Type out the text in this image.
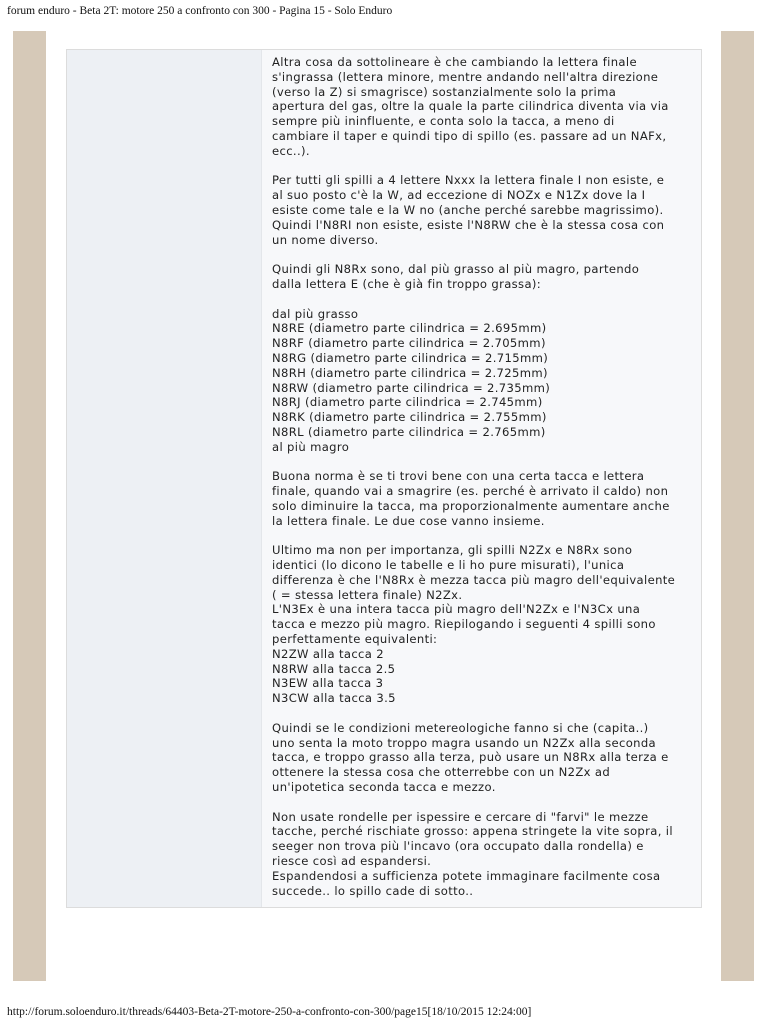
forum enduro - Beta 2T: motore 250 a confronto con 300 - Pagina 15 - Solo Enduro

Altra cosa da sottolineare è che cambiando la lettera finale
s'ingrassa (lettera minore, mentre andando nell'altra direzione
(verso la Z) si smagrisce) sostanzialmente solo la prima
apertura del gas, oltre la quale la parte cilindrica diventa via via
sempre più ininfluente, e conta solo la tacca, a meno di
cambiare il taper e quindi tipo di spillo (es. passare ad un NAFx,
ecc..).

Per tutti gli spilli a 4 lettere Nxxx la lettera finale I non esiste, e
al suo posto c'è la W, ad eccezione di NOZx e N1Zx dove la I
esiste come tale e la W no (anche perché sarebbe magrissimo).
Quindi l'N8RI non esiste, esiste l'N8RW che è la stessa cosa con
un nome diverso.

Quindi gli N8Rx sono, dal più grasso al più magro, partendo
dalla lettera E (che è già fin troppo grassa):

dal più grasso
N8RE (diametro parte cilindrica = 2.695mm)
N8RF (diametro parte cilindrica = 2.705mm)
N8RG (diametro parte cilindrica = 2.715mm)
N8RH (diametro parte cilindrica = 2.725mm)
N8RW (diametro parte cilindrica = 2.735mm)
N8RJ (diametro parte cilindrica = 2.745mm)
N8RK (diametro parte cilindrica = 2.755mm)
N8RL (diametro parte cilindrica = 2.765mm)
al più magro

Buona norma è se ti trovi bene con una certa tacca e lettera
finale, quando vai a smagrire (es. perché è arrivato il caldo) non
solo diminuire la tacca, ma proporzionalmente aumentare anche
la lettera finale. Le due cose vanno insieme.

Ultimo ma non per importanza, gli spilli N2Zx e N8Rx sono
identici (lo dicono le tabelle e li ho pure misurati), l'unica
differenza è che l'N8Rx è mezza tacca più magro dell'equivalente
( = stessa lettera finale) N2Zx.
L'N3Ex è una intera tacca più magro dell'N2Zx e l'N3Cx una
tacca e mezzo più magro. Riepilogando i seguenti 4 spilli sono
perfettamente equivalenti:
N2ZW alla tacca 2
N8RW alla tacca 2.5
N3EW alla tacca 3
N3CW alla tacca 3.5

Quindi se le condizioni metereologiche fanno si che (capita..)
uno senta la moto troppo magra usando un N2Zx alla seconda
tacca, e troppo grasso alla terza, può usare un N8Rx alla terza e
ottenere la stessa cosa che otterrebbe con un N2Zx ad
un'ipotetica seconda tacca e mezzo.

Non usate rondelle per ispessire e cercare di "farvi" le mezze
tacche, perché rischiate grosso: appena stringete la vite sopra, il
seeger non trova più l'incavo (ora occupato dalla rondella) e
riesce così ad espandersi.
Espandendosi a sufficienza potete immaginare facilmente cosa
succede.. lo spillo cade di sotto..

http://forum.soloenduro.it/threads/64403-Beta-2T-motore-250-a-confronto-con-300/page15[18/10/2015 12:24:00]
